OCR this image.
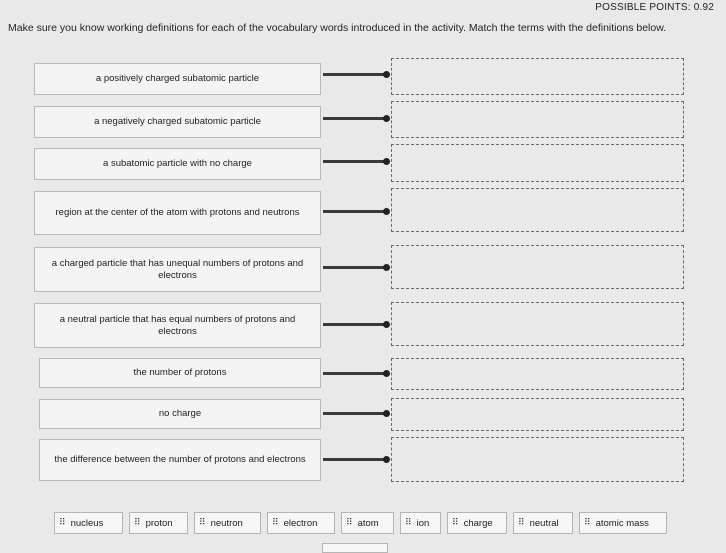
POSSIBLE POINTS: 0.92
Make sure you know working definitions for each of the vocabulary words introduced in the activity. Match the terms with the definitions below.
a positively charged subatomic particle
a negatively charged subatomic particle
a subatomic particle with no charge
region at the center of the atom with protons and neutrons
a charged particle that has unequal numbers of protons and electrons
a neutral particle that has equal numbers of protons and electrons
the number of protons
no charge
the difference between the number of protons and electrons
⠿ nucleus	⠿ proton	⠿ neutron	⠿ electron	⠿ atom	⠿ ion	⠿ charge	⠿ neutral	⠿ atomic mass
